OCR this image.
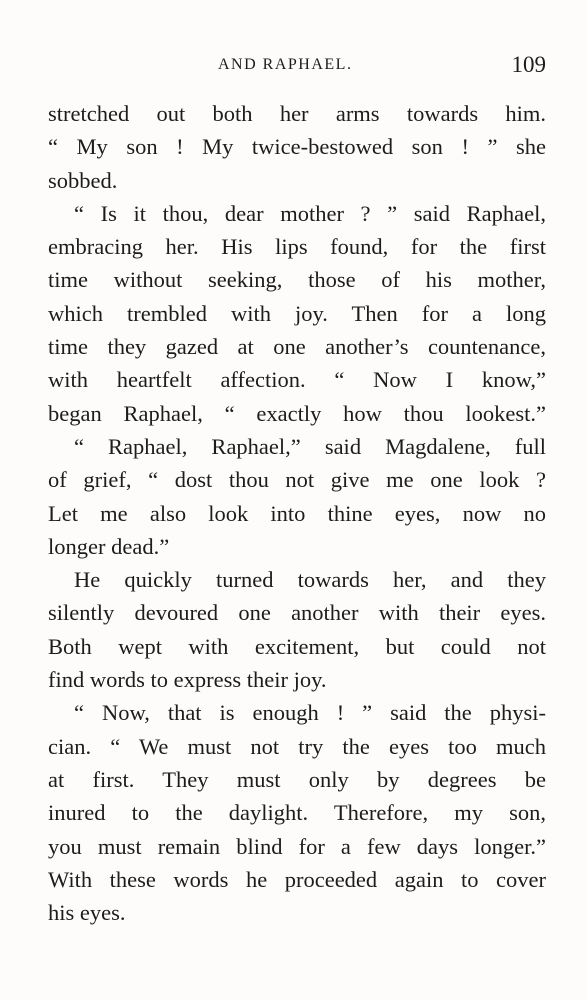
AND RAPHAEL.	109
stretched out both her arms towards him.
“ My son ! My twice-bestowed son ! ” she
sobbed.
“ Is it thou, dear mother ? ” said Raphael,
embracing her. His lips found, for the first
time without seeking, those of his mother,
which trembled with joy. Then for a long
time they gazed at one another’s countenance,
with heartfelt affection. “ Now I know,”
began Raphael, “ exactly how thou lookest.”
“ Raphael, Raphael,” said Magdalene, full
of grief, “ dost thou not give me one look ?
Let me also look into thine eyes, now no
longer dead.”
He quickly turned towards her, and they
silently devoured one another with their eyes.
Both wept with excitement, but could not
find words to express their joy.
“ Now, that is enough ! ” said the physi-
cian. “ We must not try the eyes too much
at first. They must only by degrees be
inured to the daylight. Therefore, my son,
you must remain blind for a few days longer.”
With these words he proceeded again to cover
his eyes.
